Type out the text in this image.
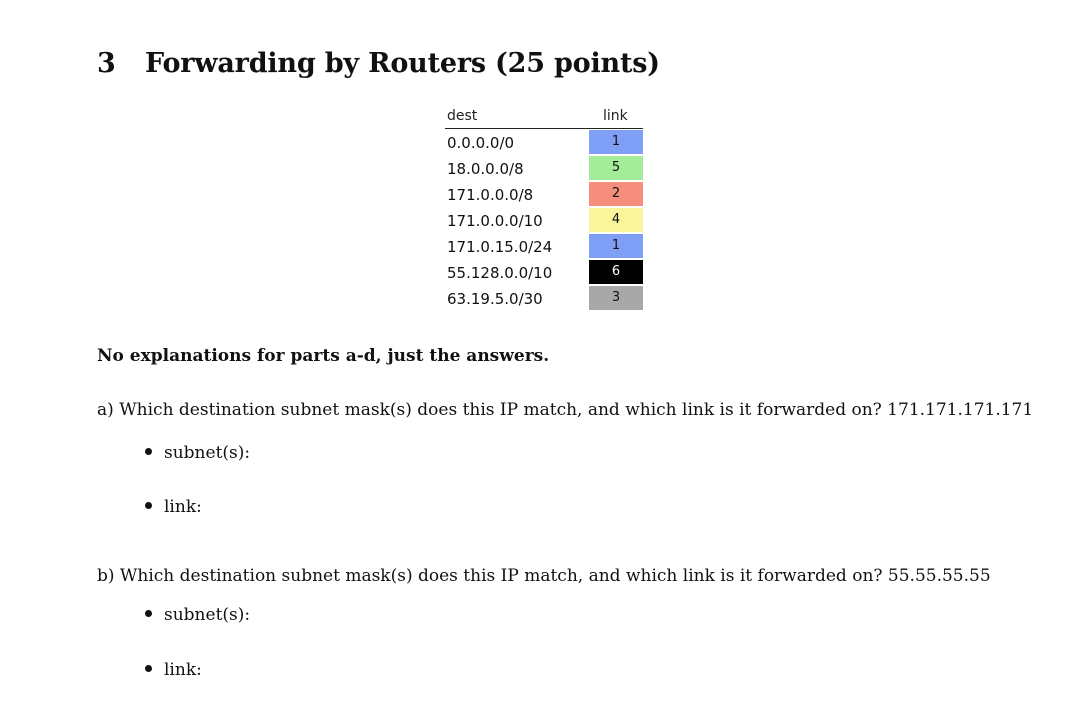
3 Forwarding by Routers (25 points)
dest	link
0.0.0.0/0	1
18.0.0.0/8	5
171.0.0.0/8	2
171.0.0.0/10	4
171.0.15.0/24	1
55.128.0.0/10	6
63.19.5.0/30	3
No explanations for parts a-d, just the answers.
a) Which destination subnet mask(s) does this IP match, and which link is it forwarded on? 171.171.171.171
subnet(s):
link:
b) Which destination subnet mask(s) does this IP match, and which link is it forwarded on? 55.55.55.55
subnet(s):
link:
